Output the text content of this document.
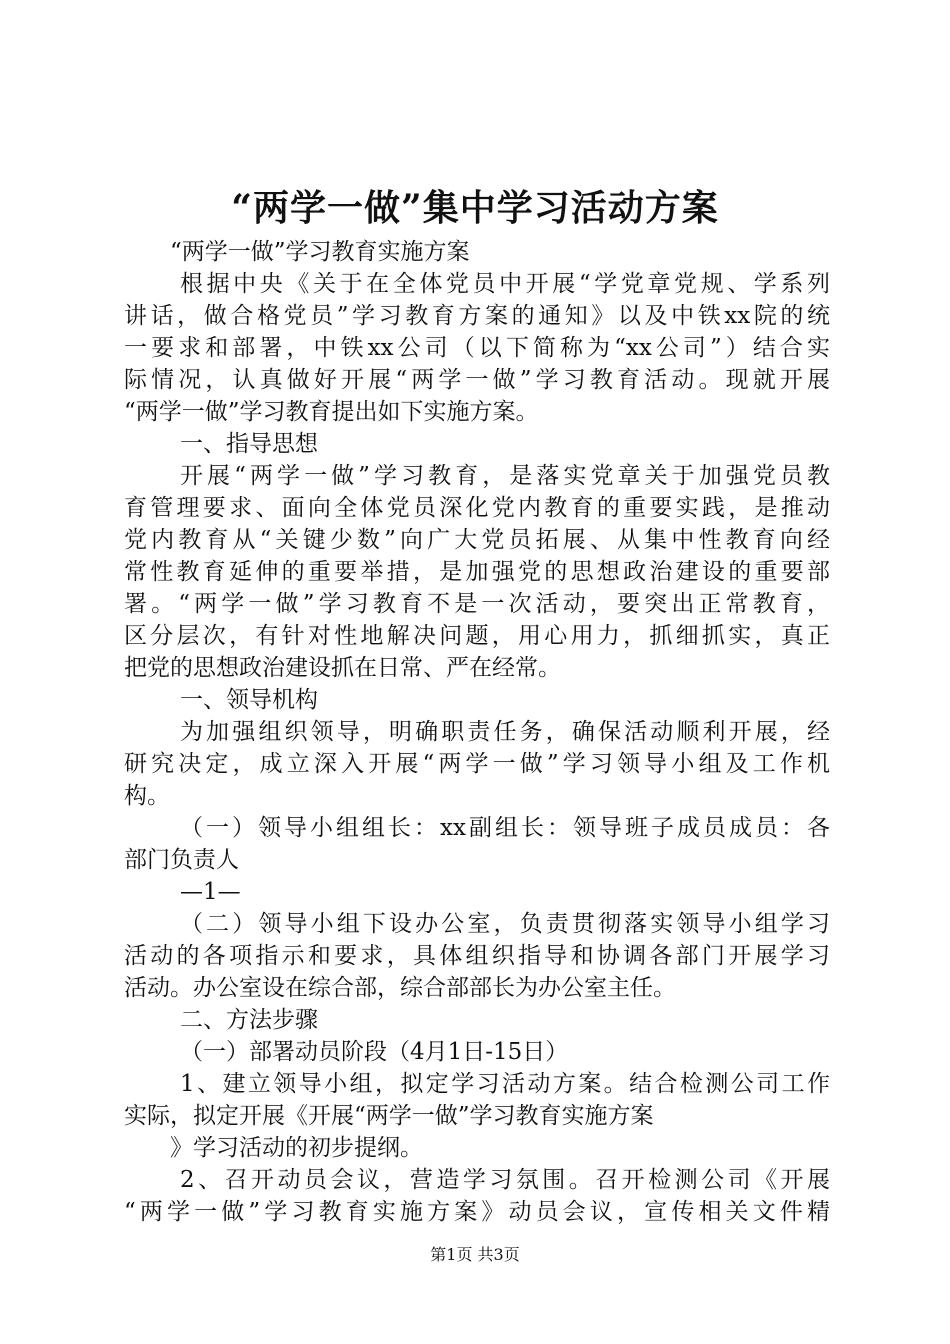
“两学一做”集中学习活动方案
“两学一做”学习教育实施方案
根据中央《关于在全体党员中开展“学党章党规、学系列
讲话，做合格党员”学习教育方案的通知》以及中铁xx院的统
一要求和部署，中铁xx公司（以下简称为“xx公司”）结合实
际情况，认真做好开展“两学一做”学习教育活动。现就开展
“两学一做”学习教育提出如下实施方案。
一、指导思想
开展“两学一做”学习教育，是落实党章关于加强党员教
育管理要求、面向全体党员深化党内教育的重要实践，是推动
党内教育从“关键少数”向广大党员拓展、从集中性教育向经
常性教育延伸的重要举措，是加强党的思想政治建设的重要部
署。“两学一做”学习教育不是一次活动，要突出正常教育，
区分层次，有针对性地解决问题，用心用力，抓细抓实，真正
把党的思想政治建设抓在日常、严在经常。
一、领导机构
为加强组织领导，明确职责任务，确保活动顺利开展，经
研究决定，成立深入开展“两学一做”学习领导小组及工作机
构。
（一）领导小组组长：xx副组长：领导班子成员成员：各
部门负责人
—1—
（二）领导小组下设办公室，负责贯彻落实领导小组学习
活动的各项指示和要求，具体组织指导和协调各部门开展学习
活动。办公室设在综合部，综合部部长为办公室主任。
二、方法步骤
（一）部署动员阶段（4月1日-15日）
1、建立领导小组，拟定学习活动方案。结合检测公司工作
实际，拟定开展《开展“两学一做”学习教育实施方案
》学习活动的初步提纲。
2、召开动员会议，营造学习氛围。召开检测公司《开展
“两学一做”学习教育实施方案》动员会议，宣传相关文件精
第1页 共3页
